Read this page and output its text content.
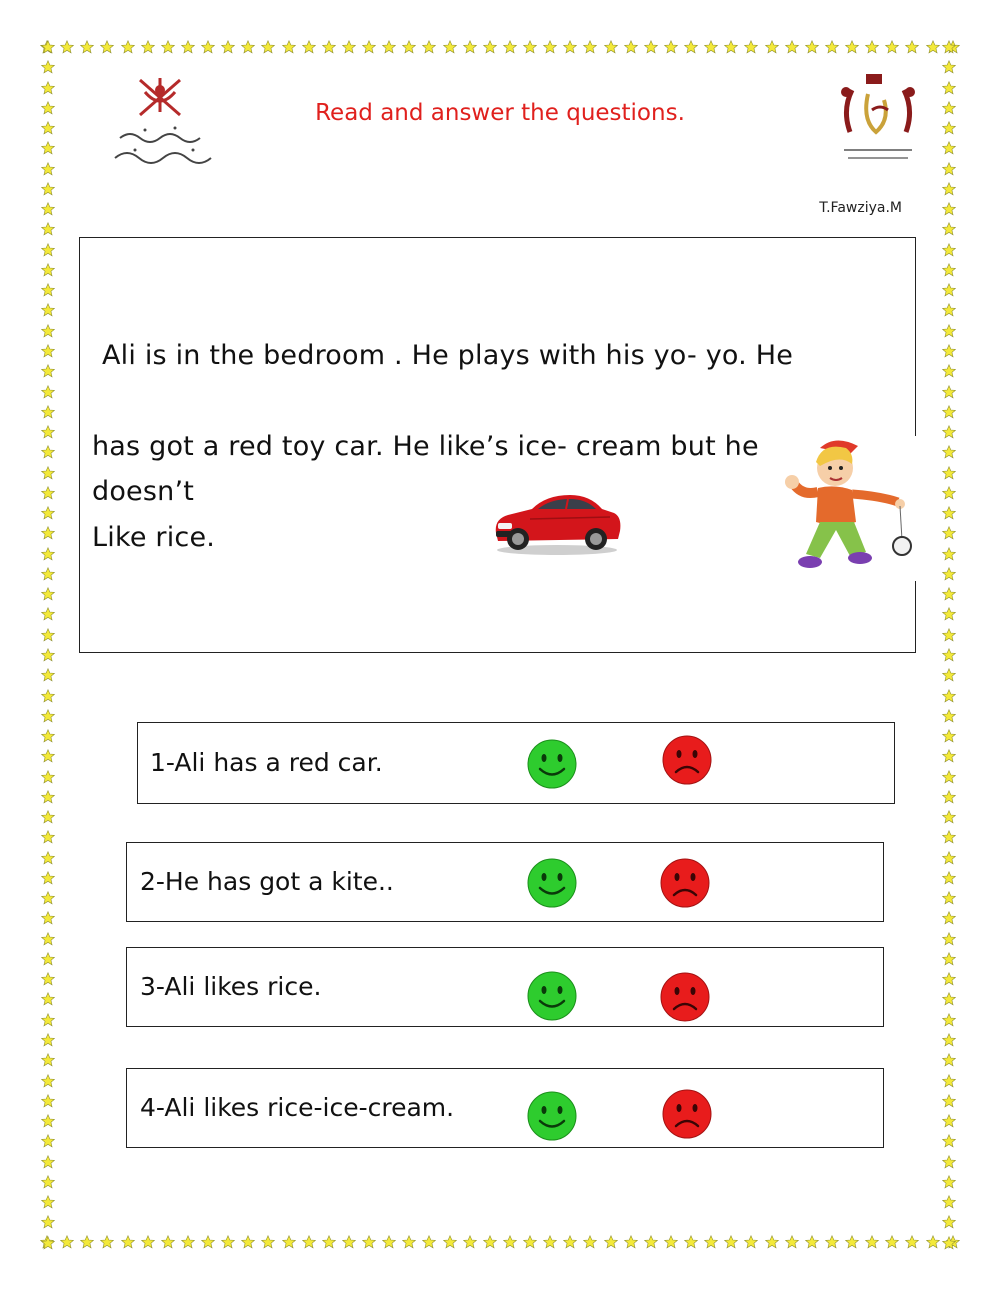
Read and answer the questions.
T.Fawziya.M
Ali is in the bedroom . He plays with his yo- yo. He
has got a red toy car. He like’s ice- cream but he
doesn’t
Like rice.
1-Ali has a red car.
2-He has got a kite..
3-Ali likes rice.
4-Ali likes rice-ice-cream.
